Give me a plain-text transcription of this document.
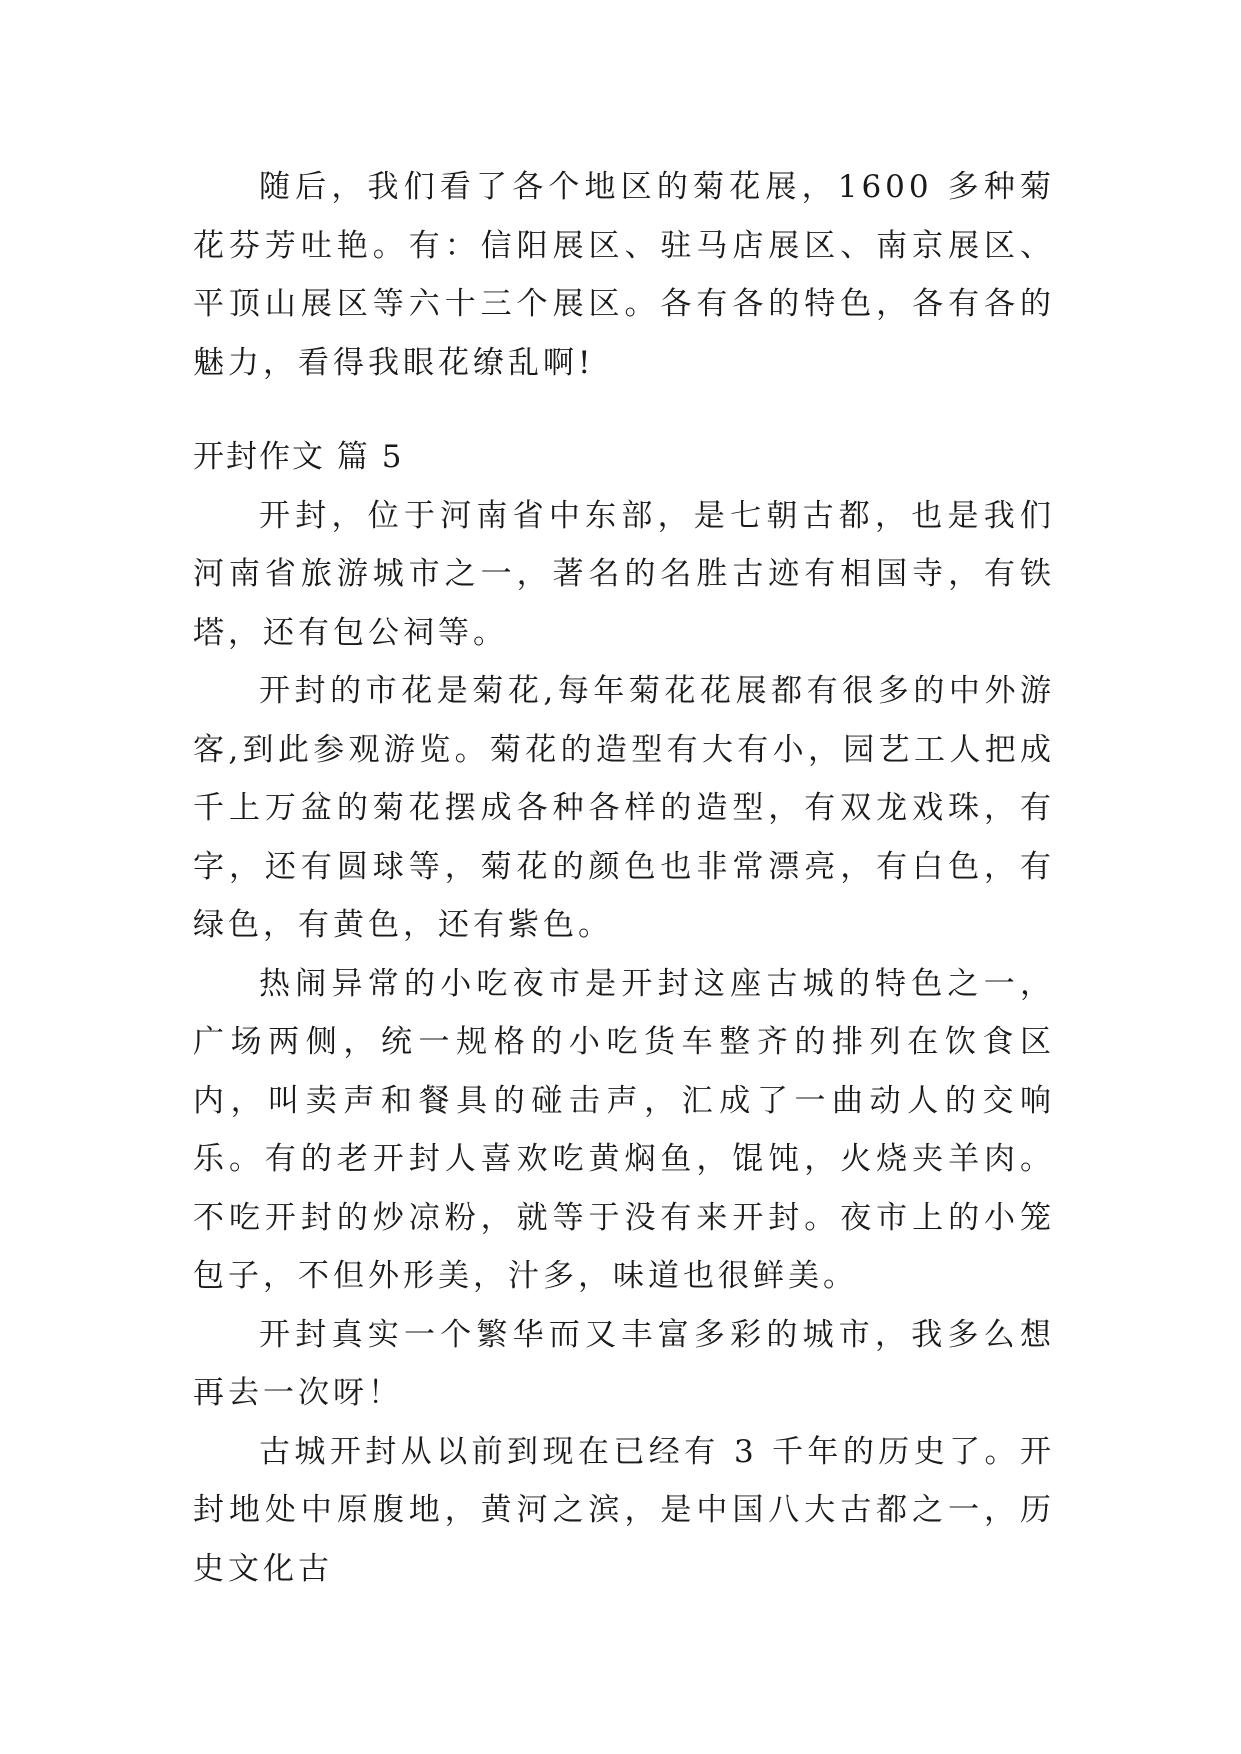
随后，我们看了各个地区的菊花展，1600 多种菊花芬芳吐艳。有：信阳展区、驻马店展区、南京展区、平顶山展区等六十三个展区。各有各的特色，各有各的魅力，看得我眼花缭乱啊!

开封作文 篇 5

开封，位于河南省中东部，是七朝古都，也是我们河南省旅游城市之一，著名的名胜古迹有相国寺，有铁塔，还有包公祠等。

开封的市花是菊花,每年菊花花展都有很多的中外游客,到此参观游览。菊花的造型有大有小，园艺工人把成千上万盆的菊花摆成各种各样的造型，有双龙戏珠，有字，还有圆球等，菊花的颜色也非常漂亮，有白色，有绿色，有黄色，还有紫色。

热闹异常的小吃夜市是开封这座古城的特色之一，广场两侧，统一规格的小吃货车整齐的排列在饮食区内，叫卖声和餐具的碰击声，汇成了一曲动人的交响乐。有的老开封人喜欢吃黄焖鱼，馄饨，火烧夹羊肉。不吃开封的炒凉粉，就等于没有来开封。夜市上的小笼包子，不但外形美，汁多，味道也很鲜美。

开封真实一个繁华而又丰富多彩的城市，我多么想再去一次呀！

古城开封从以前到现在已经有 3 千年的历史了。开封地处中原腹地，黄河之滨，是中国八大古都之一，历史文化古
